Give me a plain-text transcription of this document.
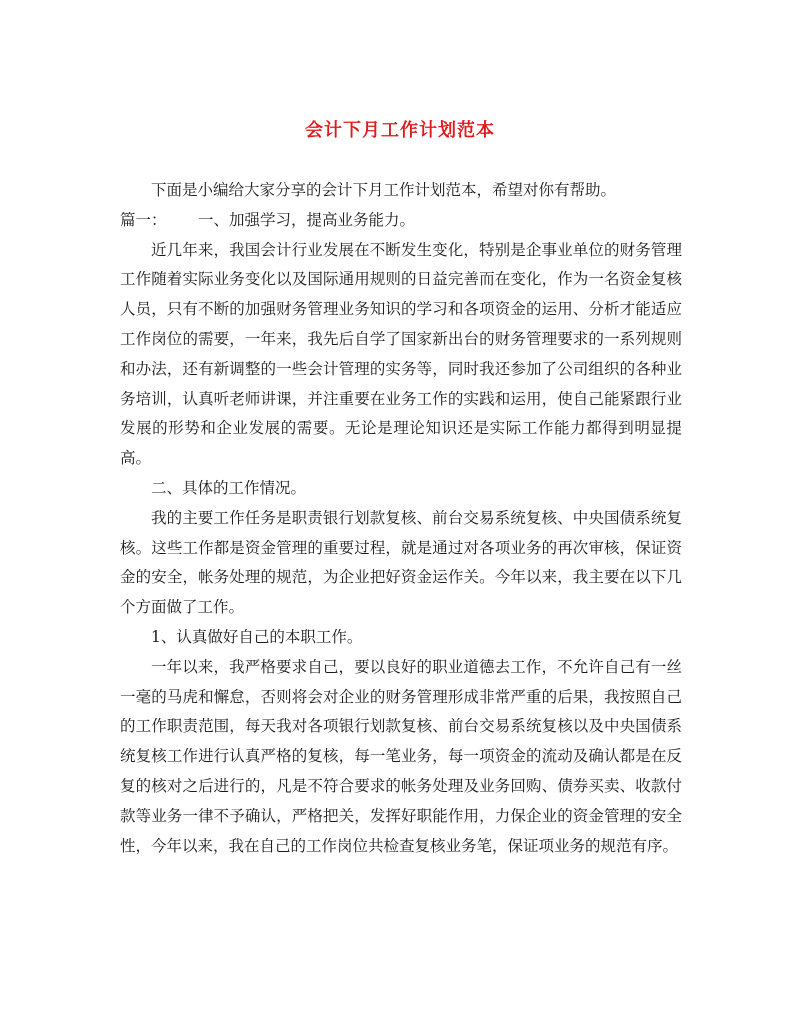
会计下月工作计划范本

下面是小编给大家分享的会计下月工作计划范本，希望对你有帮助。

篇一： 一、加强学习，提高业务能力。

近几年来，我国会计行业发展在不断发生变化，特别是企事业单位的财务管理工作随着实际业务变化以及国际通用规则的日益完善而在变化，作为一名资金复核人员，只有不断的加强财务管理业务知识的学习和各项资金的运用、分析才能适应工作岗位的需要，一年来，我先后自学了国家新出台的财务管理要求的一系列规则和办法，还有新调整的一些会计管理的实务等，同时我还参加了公司组织的各种业务培训，认真听老师讲课，并注重要在业务工作的实践和运用，使自己能紧跟行业发展的形势和企业发展的需要。无论是理论知识还是实际工作能力都得到明显提高。

二、具体的工作情况。

我的主要工作任务是职责银行划款复核、前台交易系统复核、中央国债系统复核。这些工作都是资金管理的重要过程，就是通过对各项业务的再次审核，保证资金的安全，帐务处理的规范，为企业把好资金运作关。今年以来，我主要在以下几个方面做了工作。

1、认真做好自己的本职工作。

一年以来，我严格要求自己，要以良好的职业道德去工作，不允许自己有一丝一毫的马虎和懈怠，否则将会对企业的财务管理形成非常严重的后果，我按照自己的工作职责范围，每天我对各项银行划款复核、前台交易系统复核以及中央国债系统复核工作进行认真严格的复核，每一笔业务，每一项资金的流动及确认都是在反复的核对之后进行的，凡是不符合要求的帐务处理及业务回购、债券买卖、收款付款等业务一律不予确认，严格把关，发挥好职能作用，力保企业的资金管理的安全性，今年以来，我在自己的工作岗位共检查复核业务笔，保证项业务的规范有序。
